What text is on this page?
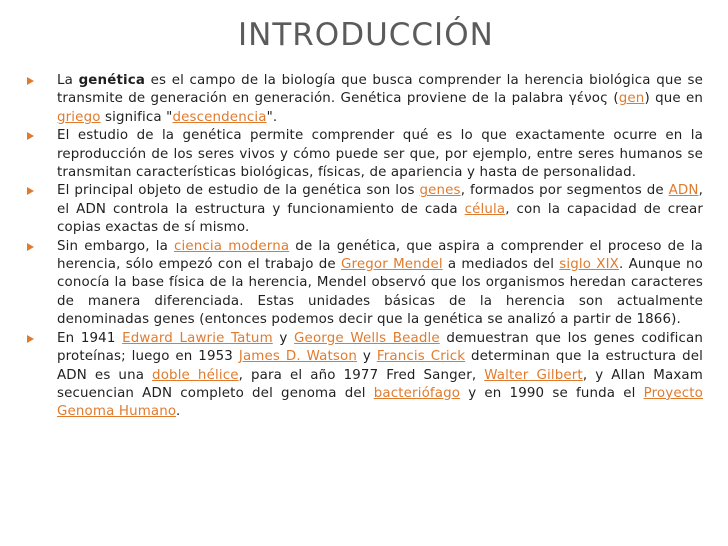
INTRODUCCIÓN
La genética es el campo de la biología que busca comprender la herencia biológica que se transmite de generación en generación. Genética proviene de la palabra γένος (gen) que en griego significa "descendencia".
El estudio de la genética permite comprender qué es lo que exactamente ocurre en la reproducción de los seres vivos y cómo puede ser que, por ejemplo, entre seres humanos se transmitan características biológicas, físicas, de apariencia y hasta de personalidad.
El principal objeto de estudio de la genética son los genes, formados por segmentos de ADN, el ADN controla la estructura y funcionamiento de cada célula, con la capacidad de crear copias exactas de sí mismo.
Sin embargo, la ciencia moderna de la genética, que aspira a comprender el proceso de la herencia, sólo empezó con el trabajo de Gregor Mendel a mediados del siglo XIX. Aunque no conocía la base física de la herencia, Mendel observó que los organismos heredan caracteres de manera diferenciada. Estas unidades básicas de la herencia son actualmente denominadas genes (entonces podemos decir que la genética se analizó a partir de 1866).
En 1941 Edward Lawrie Tatum y George Wells Beadle demuestran que los genes codifican proteínas; luego en 1953 James D. Watson y Francis Crick determinan que la estructura del ADN es una doble hélice, para el año 1977 Fred Sanger, Walter Gilbert, y Allan Maxam secuencian ADN completo del genoma del bacteriófago y en 1990 se funda el Proyecto Genoma Humano.
